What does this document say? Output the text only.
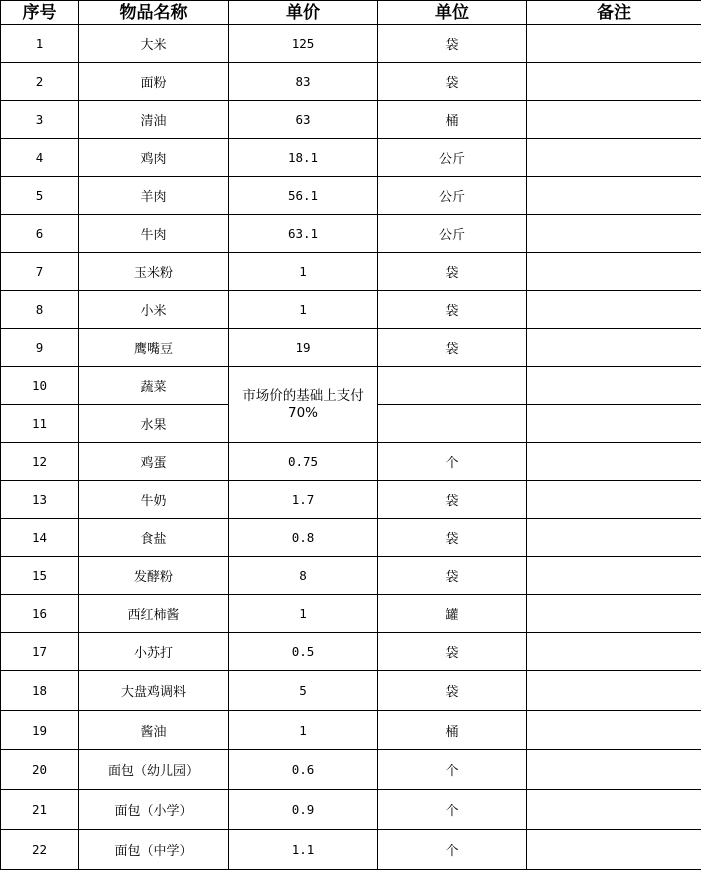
序号	物品名称	单价	单位	备注
1	大米	125	袋	
2	面粉	83	袋	
3	清油	63	桶	
4	鸡肉	18.1	公斤	
5	羊肉	56.1	公斤	
6	牛肉	63.1	公斤	
7	玉米粉	1	袋	
8	小米	1	袋	
9	鹰嘴豆	19	袋	
10	蔬菜	市场价的基础上支付70%		
11	水果			
12	鸡蛋	0.75	个	
13	牛奶	1.7	袋	
14	食盐	0.8	袋	
15	发酵粉	8	袋	
16	西红柿酱	1	罐	
17	小苏打	0.5	袋	
18	大盘鸡调料	5	袋	
19	酱油	1	桶	
20	面包（幼儿园）	0.6	个	
21	面包（小学）	0.9	个	
22	面包（中学）	1.1	个	
